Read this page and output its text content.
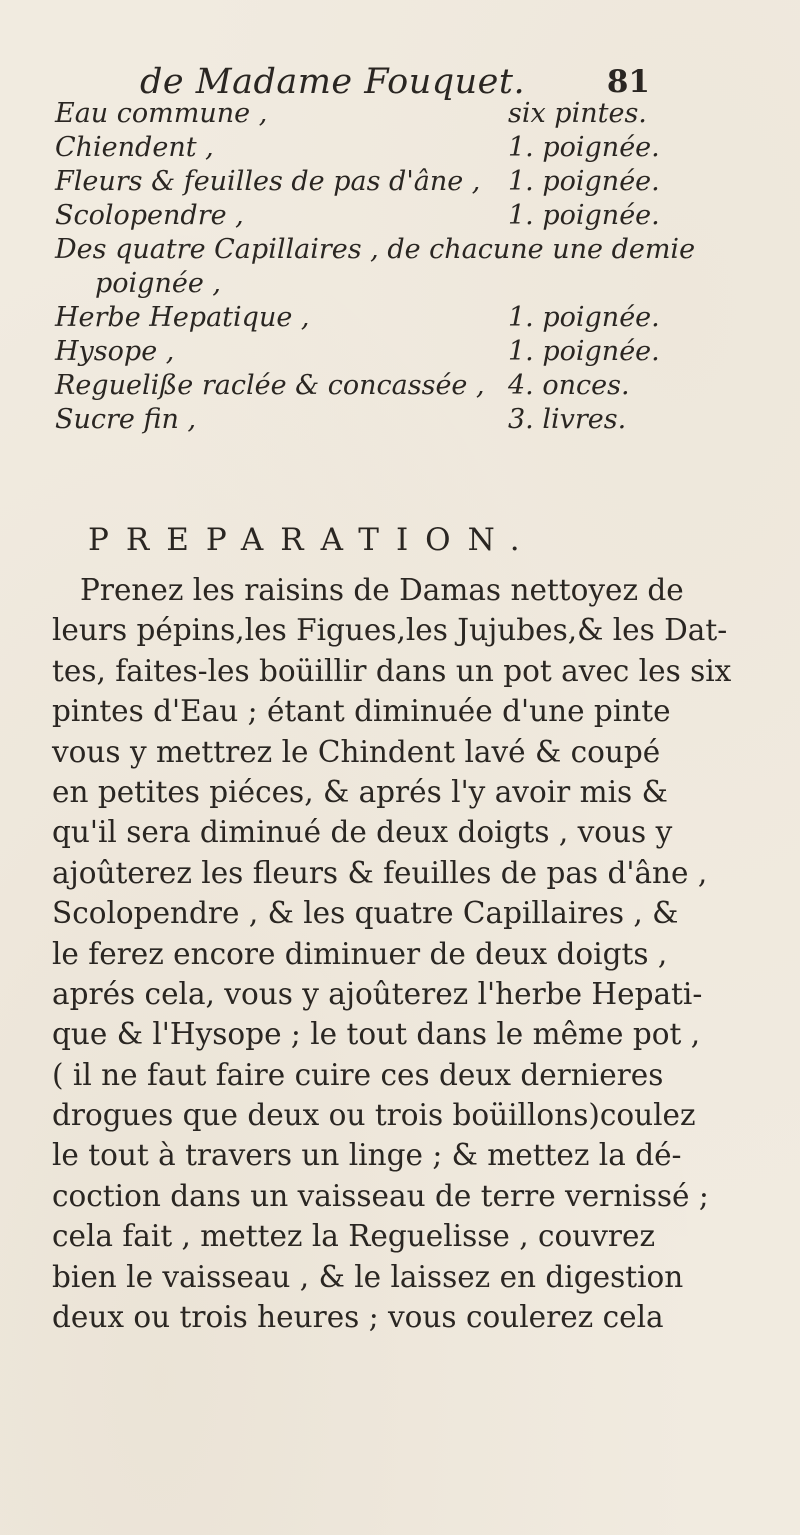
de Madame Fouquet.	81
Eau commune ,	six pintes.
Chiendent ,	1. poignée.
Fleurs & feuilles de pas d'âne , 1. poignée.
Scolopendre ,	1. poignée.
Des quatre Capillaires , de chacune une demie
poignée ,
Herbe Hepatique ,	1. poignée.
Hysope ,	1. poignée.
Regueliße raclée & concassée , 4. onces.
Sucre fin ,	3. livres.
PREPARATION.
Prenez les raisins de Damas nettoyez de
leurs pépins,les Figues,les Jujubes,& les Dat-
tes, faites-les boüillir dans un pot avec les six
pintes d'Eau ; étant diminuée d'une pinte
vous y mettrez le Chindent lavé & coupé
en petites piéces, & aprés l'y avoir mis &
qu'il sera diminué de deux doigts , vous y
ajoûterez les fleurs & feuilles de pas d'âne ,
Scolopendre , & les quatre Capillaires , &
le ferez encore diminuer de deux doigts ,
aprés cela, vous y ajoûterez l'herbe Hepati-
que & l'Hysope ; le tout dans le même pot ,
( il ne faut faire cuire ces deux dernieres
drogues que deux ou trois boüillons)coulez
le tout à travers un linge ; & mettez la dé-
coction dans un vaisseau de terre vernissé ;
cela fait , mettez la Reguelisse , couvrez
bien le vaisseau , & le laissez en digestion
deux ou trois heures ; vous coulerez cela
